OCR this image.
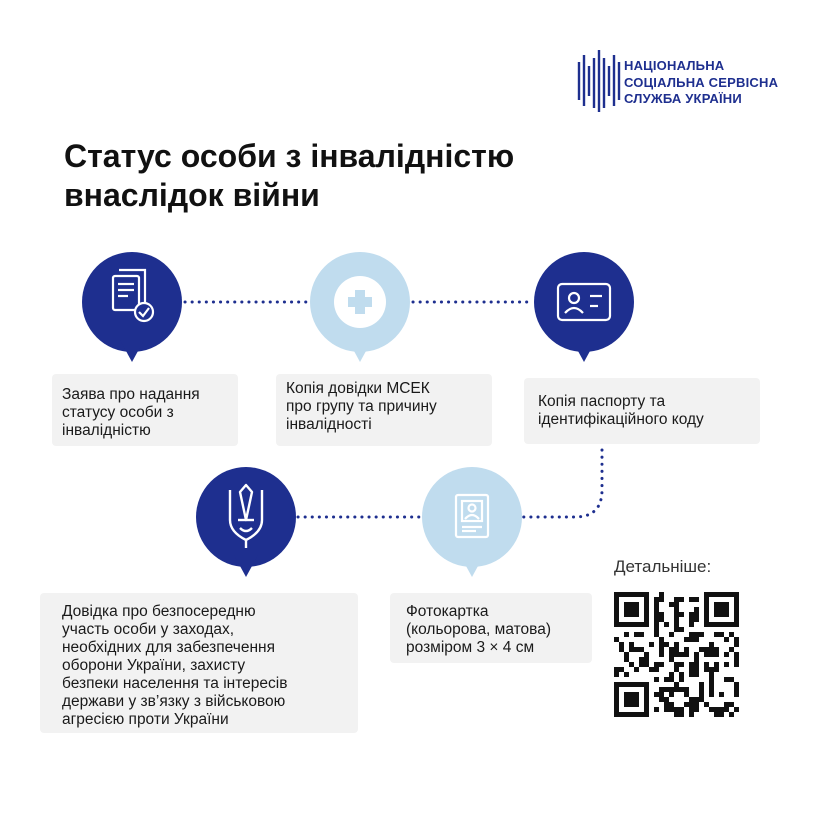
НАЦІОНАЛЬНА
СОЦІАЛЬНА СЕРВІСНА
СЛУЖБА УКРАЇНИ
Статус особи з інвалідністю
внаслідок війни
Заява про надання
статусу особи з
інвалідністю
Копія довідки МСЕК
про групу та причину
інвалідності
Копія паспорту та
ідентифікаційного коду
Довідка про безпосередню
участь особи у заходах,
необхідних для забезпечення
оборони України, захисту
безпеки населення та інтересів
держави у зв’язку з військовою
агресією проти України
Фотокартка
(кольорова, матова)
розміром 3 × 4 см
Детальніше:
